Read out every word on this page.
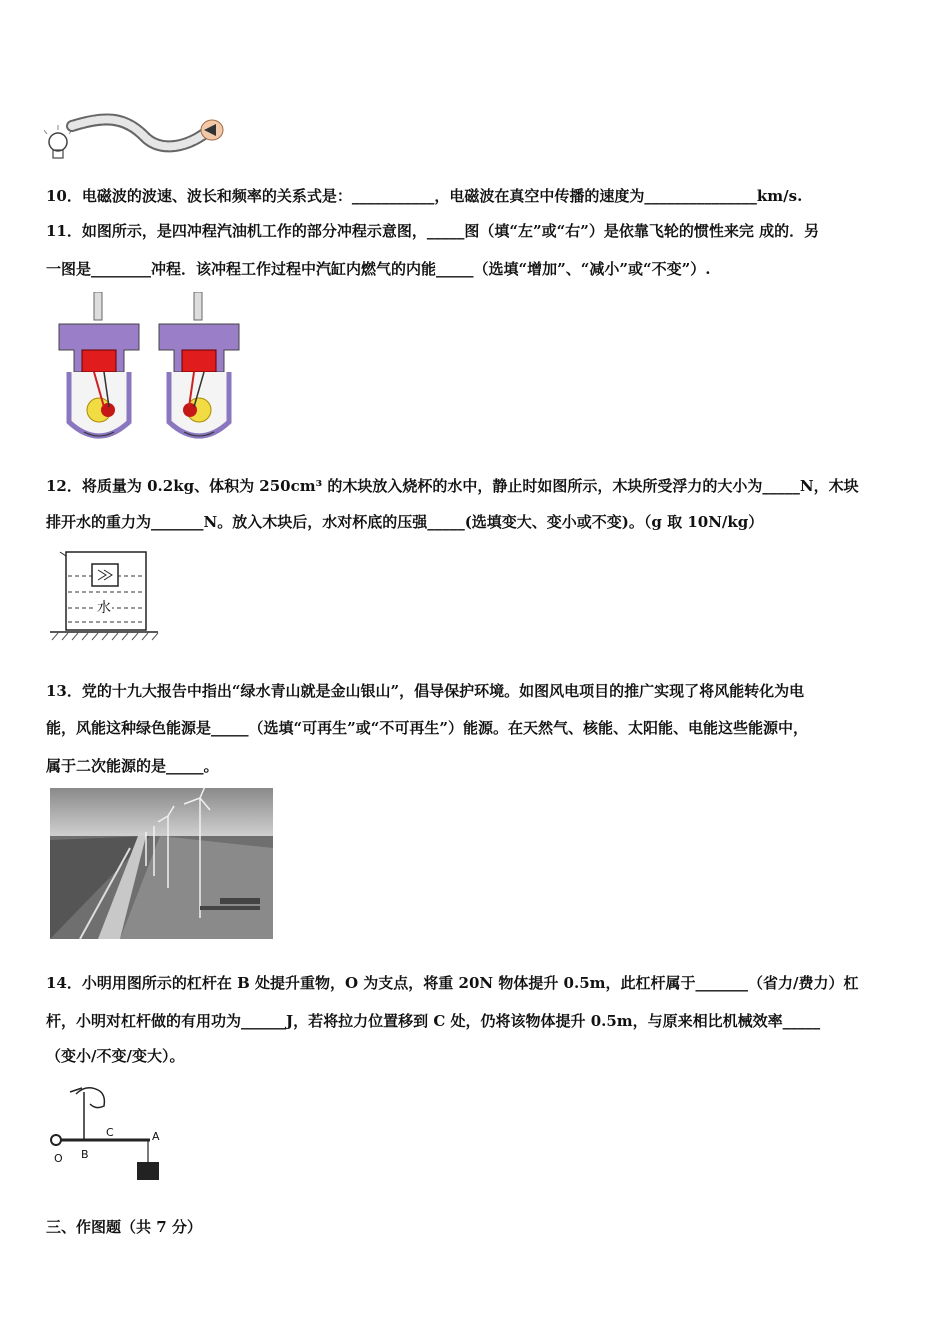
10．电磁波的波速、波长和频率的关系式是：___________，电磁波在真空中传播的速度为_______________km/s.
11．如图所示，是四冲程汽油机工作的部分冲程示意图，_____图（填“左”或“右”）是依靠飞轮的惯性来完 成的．另
一图是________冲程．该冲程工作过程中汽缸内燃气的内能_____（选填“增加”、“减小”或“不变”）.
12．将质量为 0.2kg、体积为 250cm³ 的木块放入烧杯的水中，静止时如图所示，木块所受浮力的大小为_____N，木块
排开水的重力为_______N。放入木块后，水对杯底的压强_____(选填变大、变小或不变)。（g 取 10N/kg）
水
13．党的十九大报告中指出“绿水青山就是金山银山”，倡导保护环境。如图风电项目的推广实现了将风能转化为电
能，风能这种绿色能源是_____（选填“可再生”或“不可再生”）能源。在天然气、核能、太阳能、电能这些能源中，
属于二次能源的是_____。
14．小明用图所示的杠杆在 B 处提升重物，O 为支点，将重 20N 物体提升 0.5m，此杠杆属于_______（省力/费力）杠
杆，小明对杠杆做的有用功为______J，若将拉力位置移到 C 处，仍将该物体提升 0.5m，与原来相比机械效率_____
（变小/不变/变大）。
O B
C	A
三、作图题（共 7 分）
